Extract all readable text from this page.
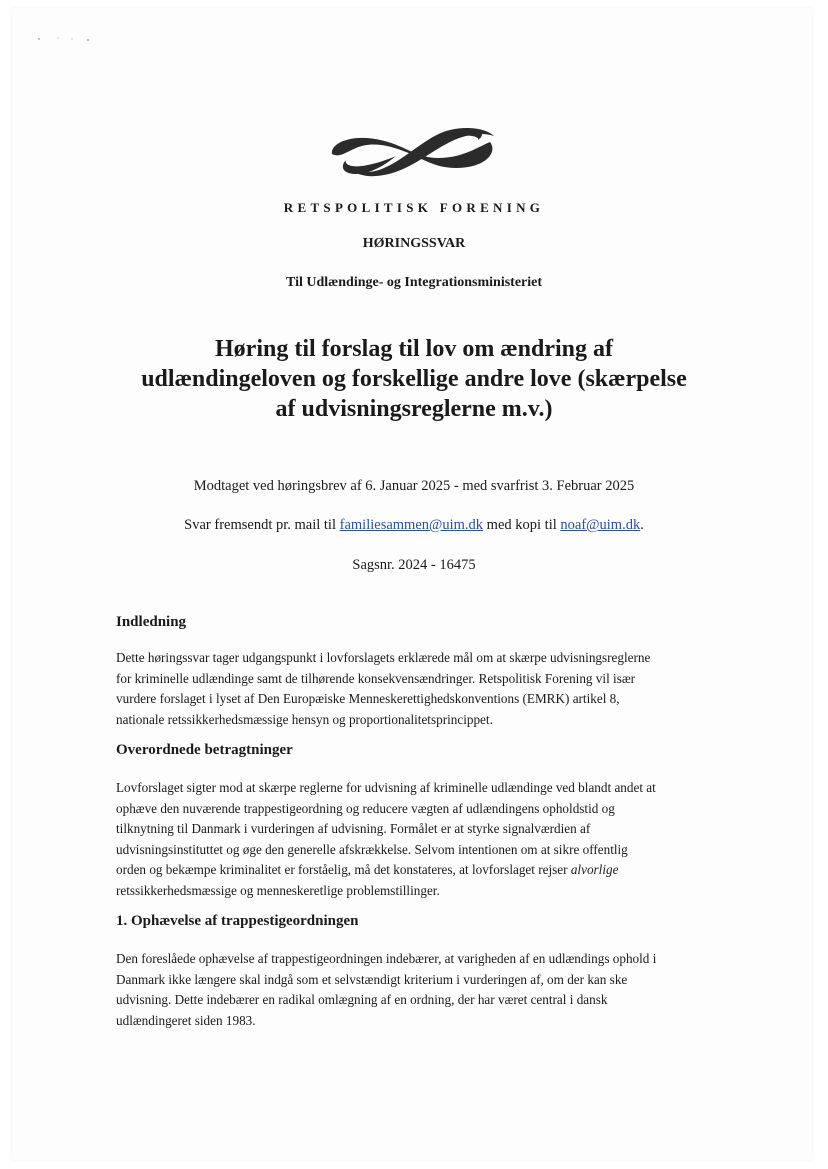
RETSPOLITISK FORENING
HØRINGSSVAR
Til Udlændinge- og Integrationsministeriet
Høring til forslag til lov om ændring af
udlændingeloven og forskellige andre love (skærpelse
af udvisningsreglerne m.v.)
Modtaget ved høringsbrev af 6. Januar 2025 - med svarfrist 3. Februar 2025
Svar fremsendt pr. mail til familiesammen@uim.dk med kopi til noaf@uim.dk.
Sagsnr. 2024 - 16475
Indledning

Dette høringssvar tager udgangspunkt i lovforslagets erklærede mål om at skærpe udvisningsreglerne
for kriminelle udlændinge samt de tilhørende konsekvensændringer. Retspolitisk Forening vil især
vurdere forslaget i lyset af Den Europæiske Menneskerettighedskonventions (EMRK) artikel 8,
nationale retssikkerhedsmæssige hensyn og proportionalitetsprincippet.

Overordnede betragtninger

Lovforslaget sigter mod at skærpe reglerne for udvisning af kriminelle udlændinge ved blandt andet at
ophæve den nuværende trappestigeordning og reducere vægten af udlændingens opholdstid og
tilknytning til Danmark i vurderingen af udvisning. Formålet er at styrke signalværdien af
udvisningsinstituttet og øge den generelle afskrækkelse. Selvom intentionen om at sikre offentlig
orden og bekæmpe kriminalitet er forståelig, må det konstateres, at lovforslaget rejser alvorlige
retssikkerhedsmæssige og menneskeretlige problemstillinger.

1. Ophævelse af trappestigeordningen

Den foreslåede ophævelse af trappestigeordningen indebærer, at varigheden af en udlændings ophold i
Danmark ikke længere skal indgå som et selvstændigt kriterium i vurderingen af, om der kan ske
udvisning. Dette indebærer en radikal omlægning af en ordning, der har været central i dansk
udlændingeret siden 1983.
